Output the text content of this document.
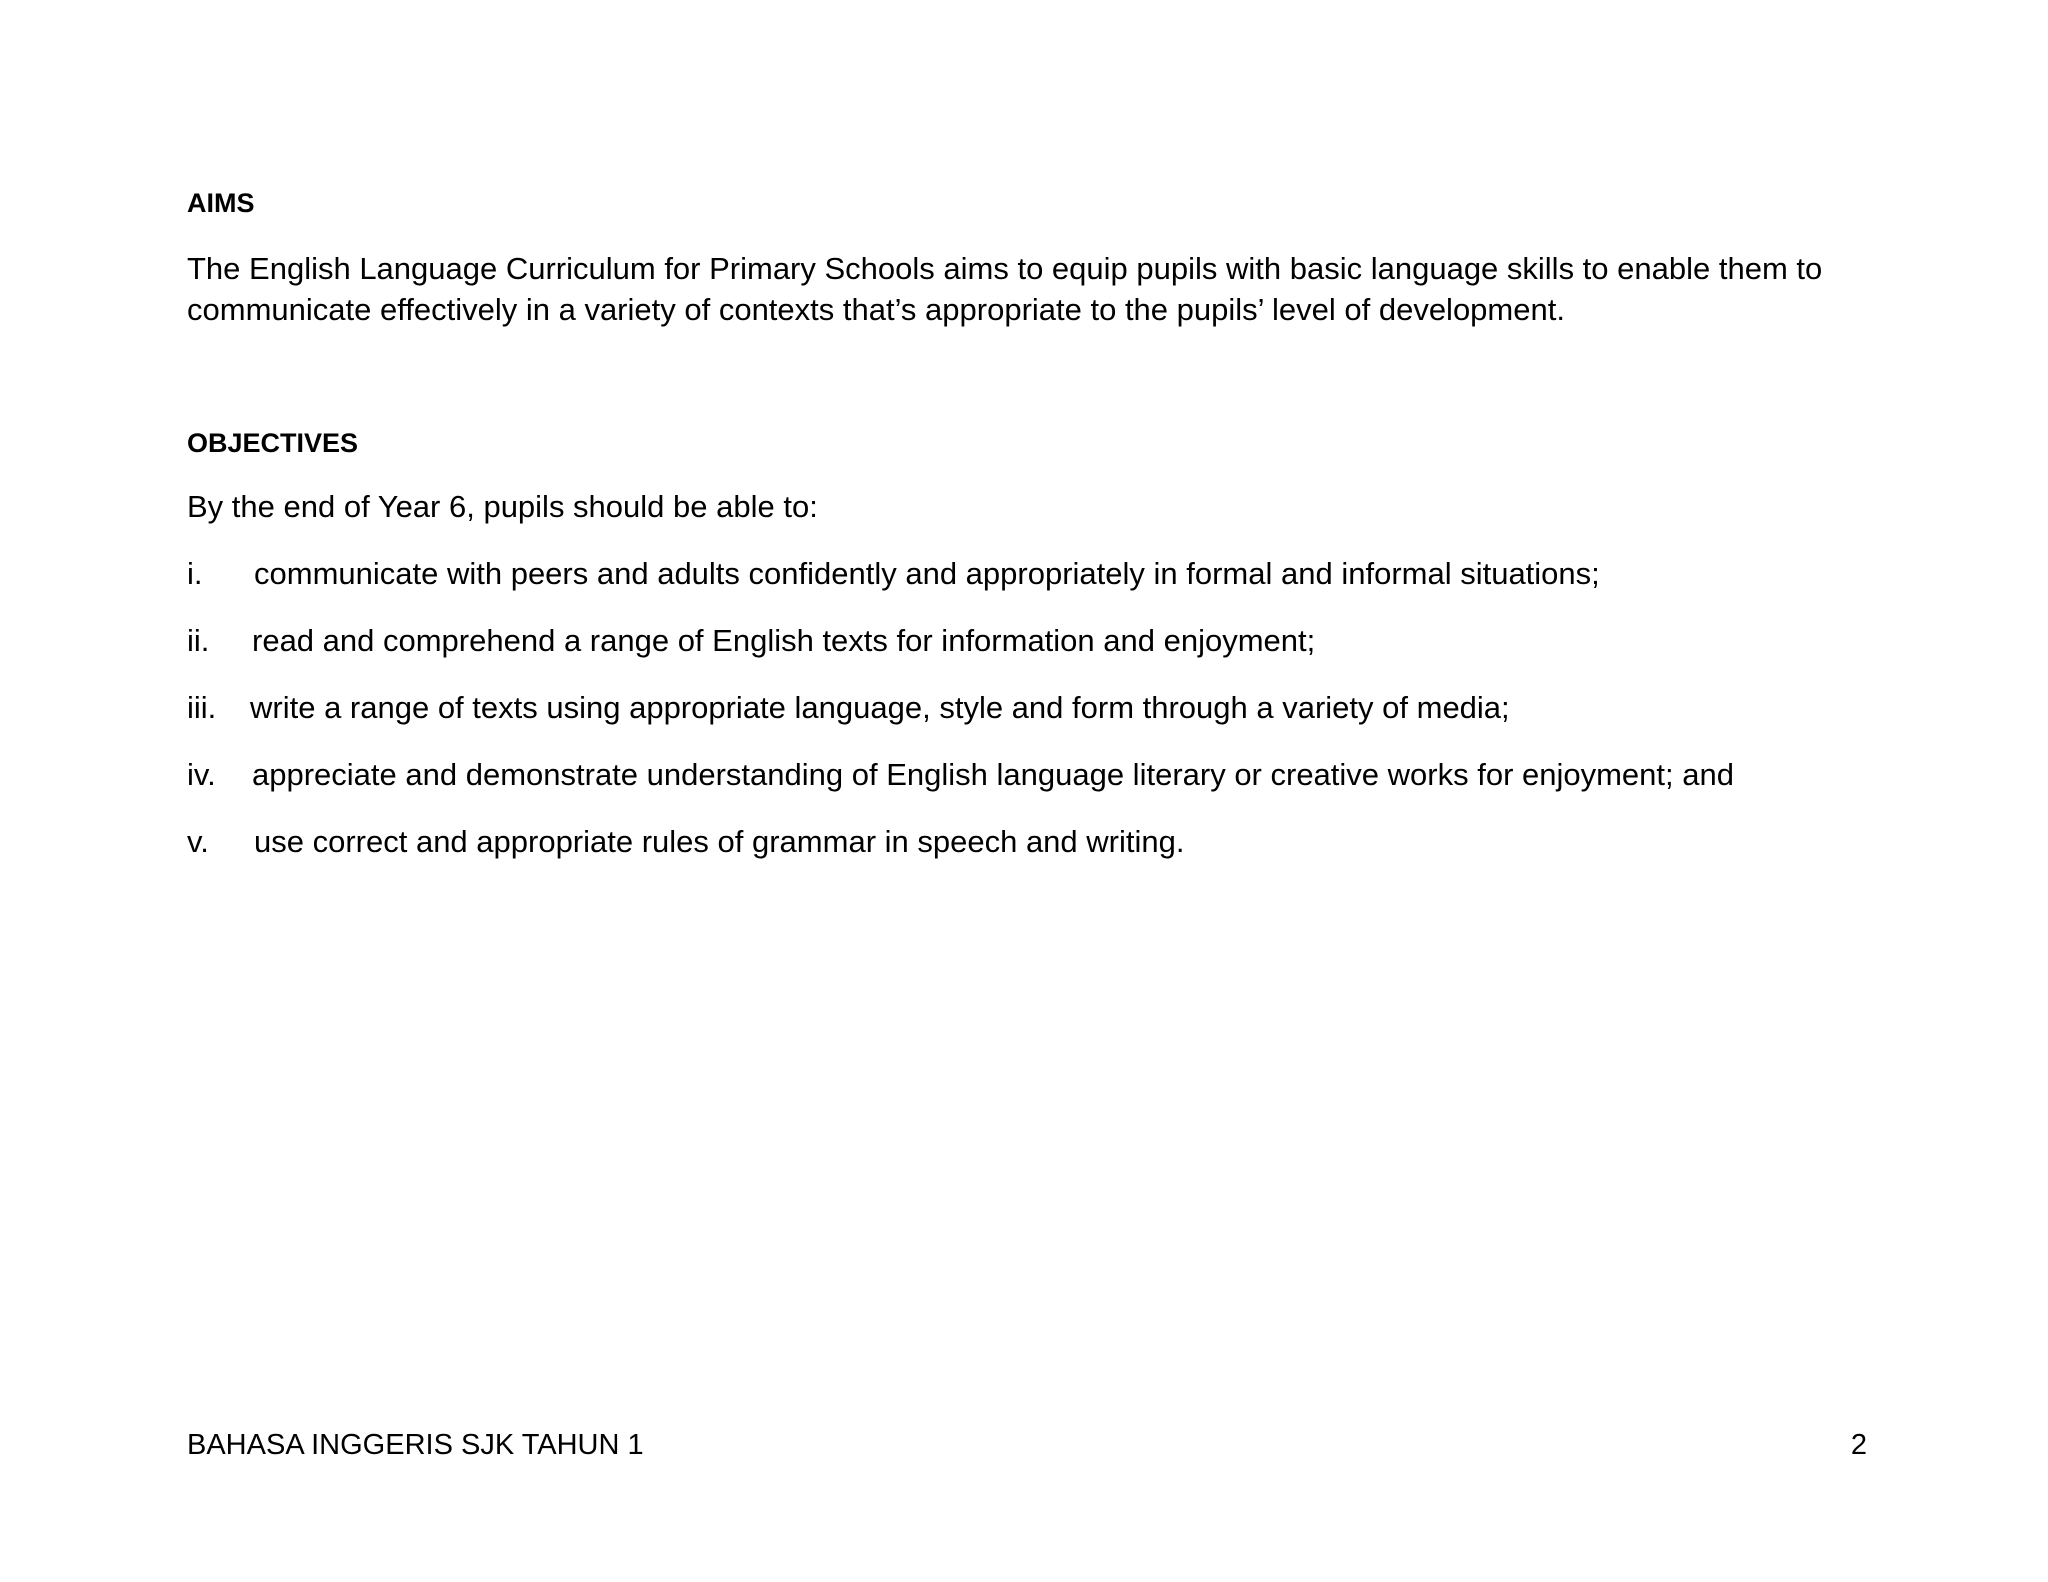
AIMS

The English Language Curriculum for Primary Schools aims to equip pupils with basic language skills to enable them to communicate effectively in a variety of contexts that’s appropriate to the pupils’ level of development.

OBJECTIVES

By the end of Year 6, pupils should be able to:

i. communicate with peers and adults confidently and appropriately in formal and informal situations;
ii. read and comprehend a range of English texts for information and enjoyment;
iii. write a range of texts using appropriate language, style and form through a variety of media;
iv. appreciate and demonstrate understanding of English language literary or creative works for enjoyment; and
v. use correct and appropriate rules of grammar in speech and writing.
BAHASA INGGERIS SJK TAHUN 1	2
